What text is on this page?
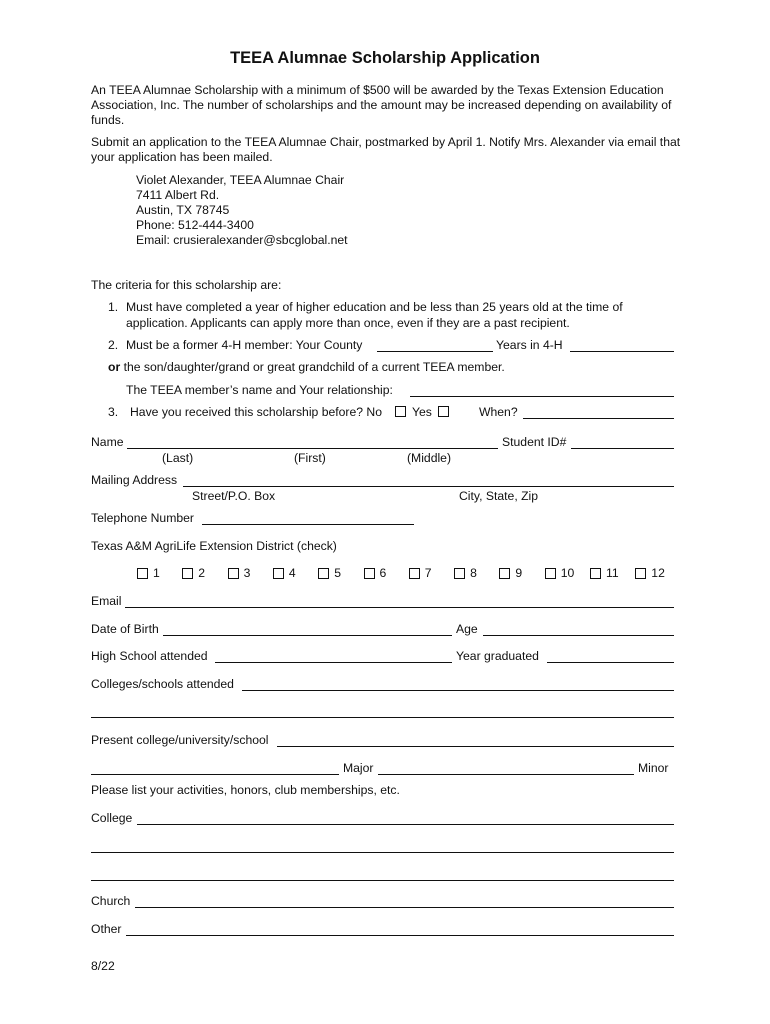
TEEA Alumnae Scholarship Application
An TEEA Alumnae Scholarship with a minimum of $500 will be awarded by the Texas Extension Education Association, Inc. The number of scholarships and the amount may be increased depending on availability of funds.
Submit an application to the TEEA Alumnae Chair, postmarked by April 1. Notify Mrs. Alexander via email that your application has been mailed.
Violet Alexander, TEEA Alumnae Chair
7411 Albert Rd.
Austin, TX 78745
Phone: 512-444-3400
Email: crusieralexander@sbcglobal.net
The criteria for this scholarship are:
1. Must have completed a year of higher education and be less than 25 years old at the time of
application. Applicants can apply more than once, even if they are a past recipient.
2. Must be a former 4-H member: Your County	Years in 4-H
or the son/daughter/grand or great grandchild of a current TEEA member.
The TEEA member’s name and Your relationship:
3. Have you received this scholarship before? No Yes	When?
Name	Student ID#
(Last)	(First)	(Middle)
Mailing Address
Street/P.O. Box	City, State, Zip
Telephone Number
Texas A&M AgriLife Extension District (check)
1	2	3	4	5	6	7	8	9	10	11	12
Email
Date of Birth	Age
High School attended	Year graduated
Colleges/schools attended
Present college/university/school
Major	Minor
Please list your activities, honors, club memberships, etc.
College
Church
Other
8/22
